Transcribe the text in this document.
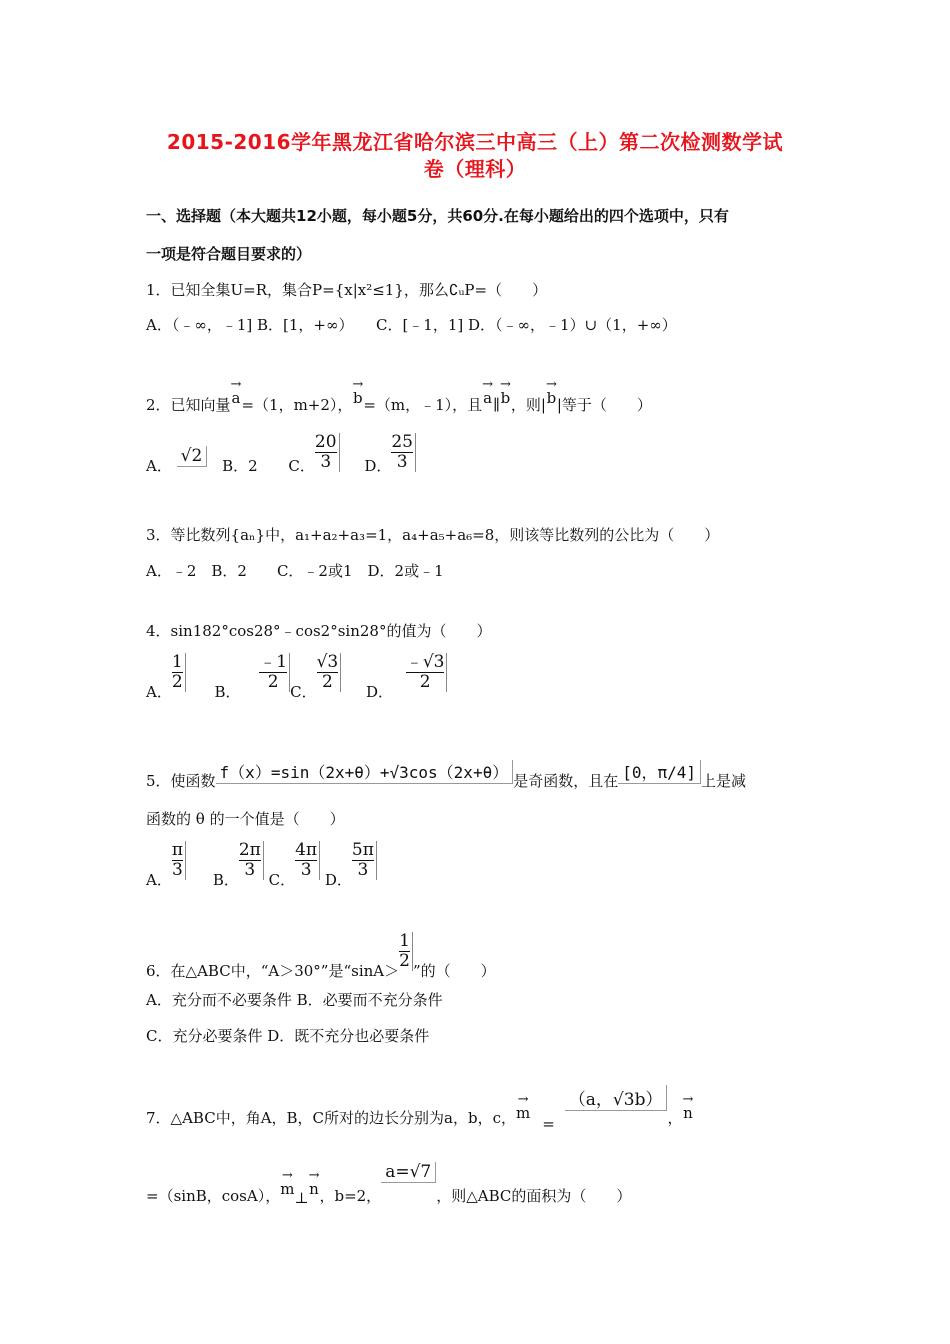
2015-2016学年黑龙江省哈尔滨三中高三（上）第二次检测数学试
卷（理科）
一、选择题（本大题共12小题，每小题5分，共60分.在每小题给出的四个选项中，只有
一项是符合题目要求的）
1．已知全集U=R，集合P={x|x²≤1}，那么∁ᵤP=（　　）
A．（﹣∞，﹣1] B．[1，+∞）　　C．[﹣1，1] D．（﹣∞，﹣1）∪（1，+∞）
2．已知向量
→
a =（1，m+2），
→
b =（m，﹣1），且
→
a ∥
→
b ，则|
→
b |等于（　　）
A． √2 B．2 C． $\frac{20}{3}$ D． $\frac{25}{3}$
3．等比数列{aₙ}中，a₁+a₂+a₃=1，a₄+a₅+a₆=8，则该等比数列的公比为（　　）
A．﹣2　B．2　　C．﹣2或1　D．2或﹣1
4．sin182°cos28°﹣cos2°sin28°的值为（　　）
A． $\frac{1}{2}$ B． $\frac{﹣1}{2}$ C． $\frac{√3}{2}$ D． $\frac{﹣√3}{2}$
5．使函数 f（x）=sin（2x+θ）+√3cos（2x+θ） 是奇函数，且在 [0，π/4] 上是减
函数的 θ 的一个值是（　　）
A． $\frac{\pi}{3}$ B． $\frac{2\pi}{3}$ C． $\frac{4\pi}{3}$ D． $\frac{5\pi}{3}$
6．在△ABC中，“A＞30°”是“$\sin A> \frac{1}{2}$ ”的（　　）
A．充分而不必要条件 B．必要而不充分条件
C．充分必要条件 D．既不充分也必要条件
7．△ABC中，角A，B，C所对的边长分别为a，b，c，
→
m
=（a，√3b），
→
n
=（sinB，cosA），
→
m ⊥
→
n ，b=2，a=√7，则△ABC的面积为（　　）
